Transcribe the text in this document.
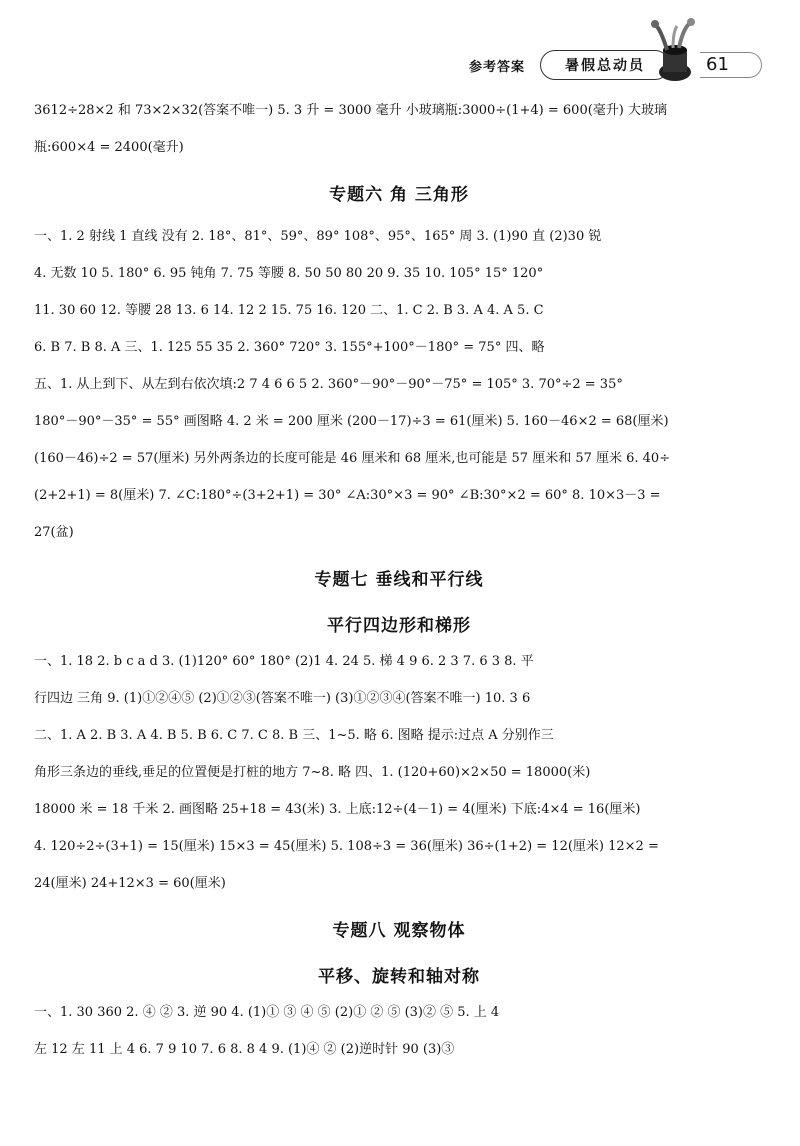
参考答案	暑假总动员	61
3612÷28×2 和 73×2×32(答案不唯一) 5. 3 升 = 3000 毫升 小玻璃瓶:3000÷(1+4) = 600(毫升) 大玻璃
瓶:600×4 = 2400(毫升)
专题六 角 三角形
一、1. 2 射线 1 直线 没有 2. 18°、81°、59°、89° 108°、95°、165° 周 3. (1)90 直 (2)30 锐
4. 无数 10 5. 180° 6. 95 钝角 7. 75 等腰 8. 50 50 80 20 9. 35 10. 105° 15° 120°
11. 30 60 12. 等腰 28 13. 6 14. 12 2 15. 75 16. 120 二、1. C 2. B 3. A 4. A 5. C
6. B 7. B 8. A 三、1. 125 55 35 2. 360° 720° 3. 155°+100°－180° = 75° 四、略
五、1. 从上到下、从左到右依次填:2 7 4 6 6 5 2. 360°－90°－90°－75° = 105° 3. 70°÷2 = 35°
180°－90°－35° = 55° 画图略 4. 2 米 = 200 厘米 (200－17)÷3 = 61(厘米) 5. 160－46×2 = 68(厘米)
(160－46)÷2 = 57(厘米) 另外两条边的长度可能是 46 厘米和 68 厘米,也可能是 57 厘米和 57 厘米 6. 40÷
(2+2+1) = 8(厘米) 7. ∠C:180°÷(3+2+1) = 30° ∠A:30°×3 = 90° ∠B:30°×2 = 60° 8. 10×3－3 =
27(盆)
专题七 垂线和平行线
平行四边形和梯形
一、1. 18 2. b c a d 3. (1)120° 60° 180° (2)1 4. 24 5. 梯 4 9 6. 2 3 7. 6 3 8. 平
行四边 三角 9. (1)①②④⑤ (2)①②③(答案不唯一) (3)①②③④(答案不唯一) 10. 3 6
二、1. A 2. B 3. A 4. B 5. B 6. C 7. C 8. B 三、1~5. 略 6. 图略 提示:过点 A 分别作三
角形三条边的垂线,垂足的位置便是打桩的地方 7~8. 略 四、1. (120+60)×2×50 = 18000(米)
18000 米 = 18 千米 2. 画图略 25+18 = 43(米) 3. 上底:12÷(4－1) = 4(厘米) 下底:4×4 = 16(厘米)
4. 120÷2÷(3+1) = 15(厘米) 15×3 = 45(厘米) 5. 108÷3 = 36(厘米) 36÷(1+2) = 12(厘米) 12×2 =
24(厘米) 24+12×3 = 60(厘米)
专题八 观察物体
平移、旋转和轴对称
一、1. 30 360 2. ④ ② 3. 逆 90 4. (1)① ③ ④ ⑤ (2)① ② ⑤ (3)② ⑤ 5. 上 4
左 12 左 11 上 4 6. 7 9 10 7. 6 8. 8 4 9. (1)④ ② (2)逆时针 90 (3)③
